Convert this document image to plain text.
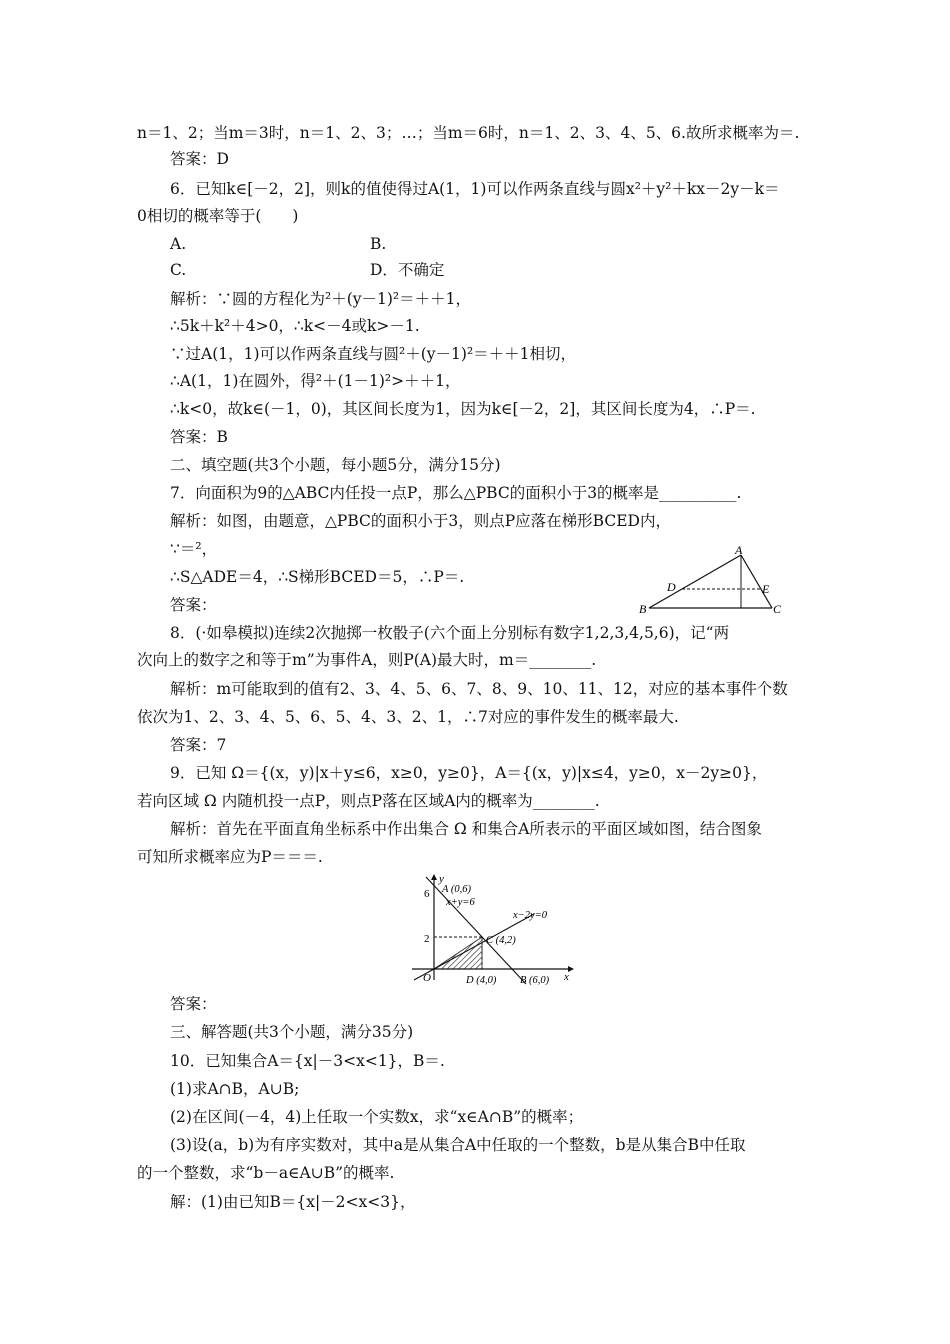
n＝1、2；当m＝3时，n＝1、2、3；…；当m＝6时，n＝1、2、3、4、5、6.故所求概率为＝.
答案：D
6．已知k∈[－2，2]，则k的值使得过A(1，1)可以作两条直线与圆x²＋y²＋kx－2y－k＝
0相切的概率等于(　　)
A.	B.
C.	D．不确定
解析：∵圆的方程化为²＋(y－1)²＝＋＋1，
∴5k＋k²＋4>0，∴k<－4或k>－1.
∵过A(1，1)可以作两条直线与圆²＋(y－1)²＝＋＋1相切，
∴A(1，1)在圆外，得²＋(1－1)²>＋＋1，
∴k<0，故k∈(－1，0)，其区间长度为1，因为k∈[－2，2]，其区间长度为4，∴P＝.
答案：B
二、填空题(共3个小题，每小题5分，满分15分)
7．向面积为9的△ABC内任投一点P，那么△PBC的面积小于3的概率是__________.
解析：如图，由题意，△PBC的面积小于3，则点P应落在梯形BCED内，
∵＝²，
∴S△ADE＝4，∴S梯形BCED＝5，∴P＝.
答案：
A
D	E
B	C
8．(·如皋模拟)连续2次抛掷一枚骰子(六个面上分别标有数字1,2,3,4,5,6)，记“两
次向上的数字之和等于m”为事件A，则P(A)最大时，m＝________.
解析：m可能取到的值有2、3、4、5、6、7、8、9、10、11、12，对应的基本事件个数
依次为1、2、3、4、5、6、5、4、3、2、1，∴7对应的事件发生的概率最大.
答案：7
9．已知 Ω＝{(x，y)|x＋y≤6，x≥0，y≥0}，A＝{(x，y)|x≤4，y≥0，x－2y≥0}，
若向区域 Ω 内随机投一点P，则点P落在区域A内的概率为________.
解析：首先在平面直角坐标系中作出集合 Ω 和集合A所表示的平面区域如图，结合图象
可知所求概率应为P＝＝＝.
y
x
O
6
2
A (0,6)
x+y=6
x−2y=0
C (4,2)
D (4,0) B (6,0)
答案：
三、解答题(共3个小题，满分35分)
10．已知集合A＝{x|－3<x<1}，B＝.
(1)求A∩B，A∪B;
(2)在区间(－4，4)上任取一个实数x，求“x∈A∩B”的概率；
(3)设(a，b)为有序实数对，其中a是从集合A中任取的一个整数，b是从集合B中任取
的一个整数，求“b－a∈A∪B”的概率.
解：(1)由已知B＝{x|－2<x<3}，
